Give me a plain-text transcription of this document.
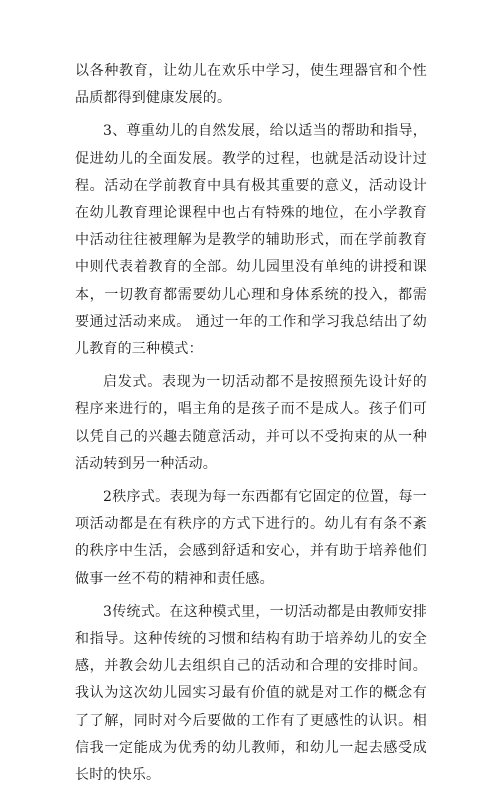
以各种教育，让幼儿在欢乐中学习，使生理器官和个性品质都得到健康发展的。

3、尊重幼儿的自然发展，给以适当的帮助和指导，促进幼儿的全面发展。教学的过程，也就是活动设计过程。活动在学前教育中具有极其重要的意义，活动设计在幼儿教育理论课程中也占有特殊的地位，在小学教育中活动往往被理解为是教学的辅助形式，而在学前教育中则代表着教育的全部。幼儿园里没有单纯的讲授和课本，一切教育都需要幼儿心理和身体系统的投入，都需要通过活动来成。 通过一年的工作和学习我总结出了幼儿教育的三种模式：

启发式。表现为一切活动都不是按照预先设计好的程序来进行的，唱主角的是孩子而不是成人。孩子们可以凭自己的兴趣去随意活动，并可以不受拘束的从一种活动转到另一种活动。

2秩序式。表现为每一东西都有它固定的位置，每一项活动都是在有秩序的方式下进行的。幼儿有有条不紊的秩序中生活，会感到舒适和安心，并有助于培养他们做事一丝不苟的精神和责任感。

3传统式。在这种模式里，一切活动都是由教师安排和指导。这种传统的习惯和结构有助于培养幼儿的安全感，并教会幼儿去组织自己的活动和合理的安排时间。 我认为这次幼儿园实习最有价值的就是对工作的概念有了了解，同时对今后要做的工作有了更感性的认识。相信我一定能成为优秀的幼儿教师，和幼儿一起去感受成长时的快乐。
